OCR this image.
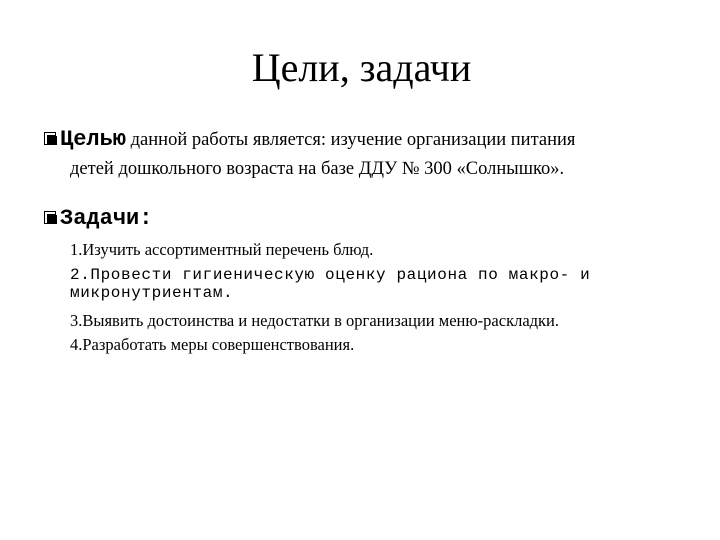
Цели, задачи
Целью данной работы является: изучение организации питания
детей дошкольного возраста на базе ДДУ № 300 «Солнышко».
Задачи:
1.Изучить ассортиментный перечень блюд.
2.Провести гигиеническую оценку рациона по макро- и микронутриентам.
3.Выявить достоинства и недостатки в организации меню-раскладки.
4.Разработать меры совершенствования.
